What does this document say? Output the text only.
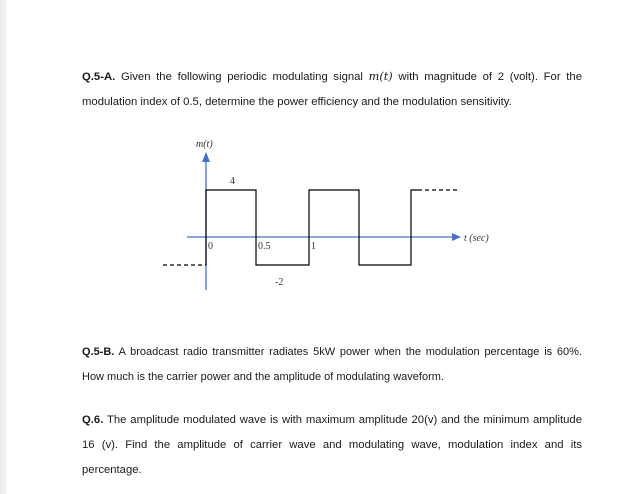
Q.5-A. Given the following periodic modulating signal m(t) with magnitude of 2 (volt). For the modulation index of 0.5, determine the power efficiency and the modulation sensitivity.
m(t)
t (sec)
4
-2
0	0.5	1
Q.5-B. A broadcast radio transmitter radiates 5kW power when the modulation percentage is 60%. How much is the carrier power and the amplitude of modulating waveform.
Q.6. The amplitude modulated wave is with maximum amplitude 20(v) and the minimum amplitude 16 (v). Find the amplitude of carrier wave and modulating wave, modulation index and its percentage.
